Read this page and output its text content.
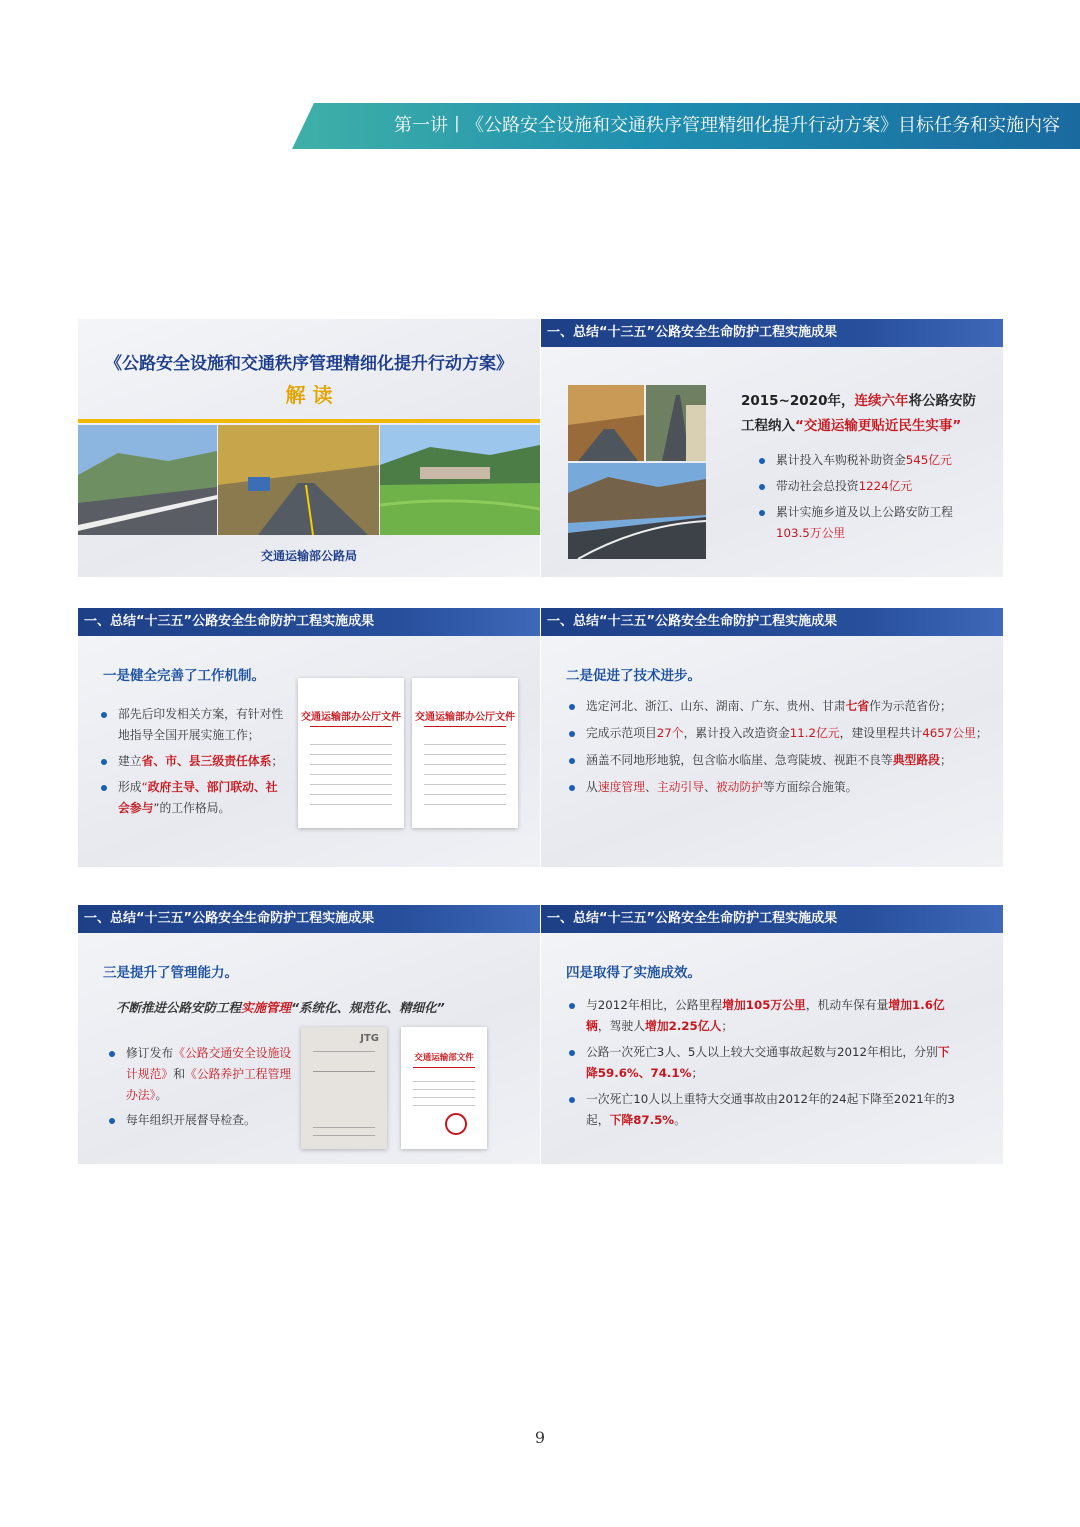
第一讲丨《公路安全设施和交通秩序管理精细化提升行动方案》目标任务和实施内容
《公路安全设施和交通秩序管理精细化提升行动方案》
解 读
交通运输部公路局
一、总结“十三五”公路安全生命防护工程实施成果
2015~2020年，连续六年将公路安防
工程纳入“交通运输更贴近民生实事”
累计投入车购税补助资金545亿元
带动社会总投资1224亿元
累计实施乡道及以上公路安防工程
103.5万公里
一、总结“十三五”公路安全生命防护工程实施成果
一是健全完善了工作机制。
部先后印发相关方案，有针对性地指导全国开展实施工作；
建立省、市、县三级责任体系；
形成“政府主导、部门联动、社会参与”的工作格局。
交通运输部办公厅文件	交通运输部办公厅文件
一、总结“十三五”公路安全生命防护工程实施成果
二是促进了技术进步。
选定河北、浙江、山东、湖南、广东、贵州、甘肃七省作为示范省份；
完成示范项目27个，累计投入改造资金11.2亿元，建设里程共计4657公里；
涵盖不同地形地貌，包含临水临崖、急弯陡坡、视距不良等典型路段；
从速度管理、主动引导、被动防护等方面综合施策。
一、总结“十三五”公路安全生命防护工程实施成果
三是提升了管理能力。
不断推进公路安防工程实施管理“系统化、规范化、精细化”
修订发布《公路交通安全设施设计规范》和《公路养护工程管理办法》。
每年组织开展督导检查。
JTG
交通运输部文件
一、总结“十三五”公路安全生命防护工程实施成果
四是取得了实施成效。
与2012年相比，公路里程增加105万公里，机动车保有量增加1.6亿辆，驾驶人增加2.25亿人；
公路一次死亡3人、5人以上较大交通事故起数与2012年相比，分别下降59.6%、74.1%；
一次死亡10人以上重特大交通事故由2012年的24起下降至2021年的3起，下降87.5%。
9
